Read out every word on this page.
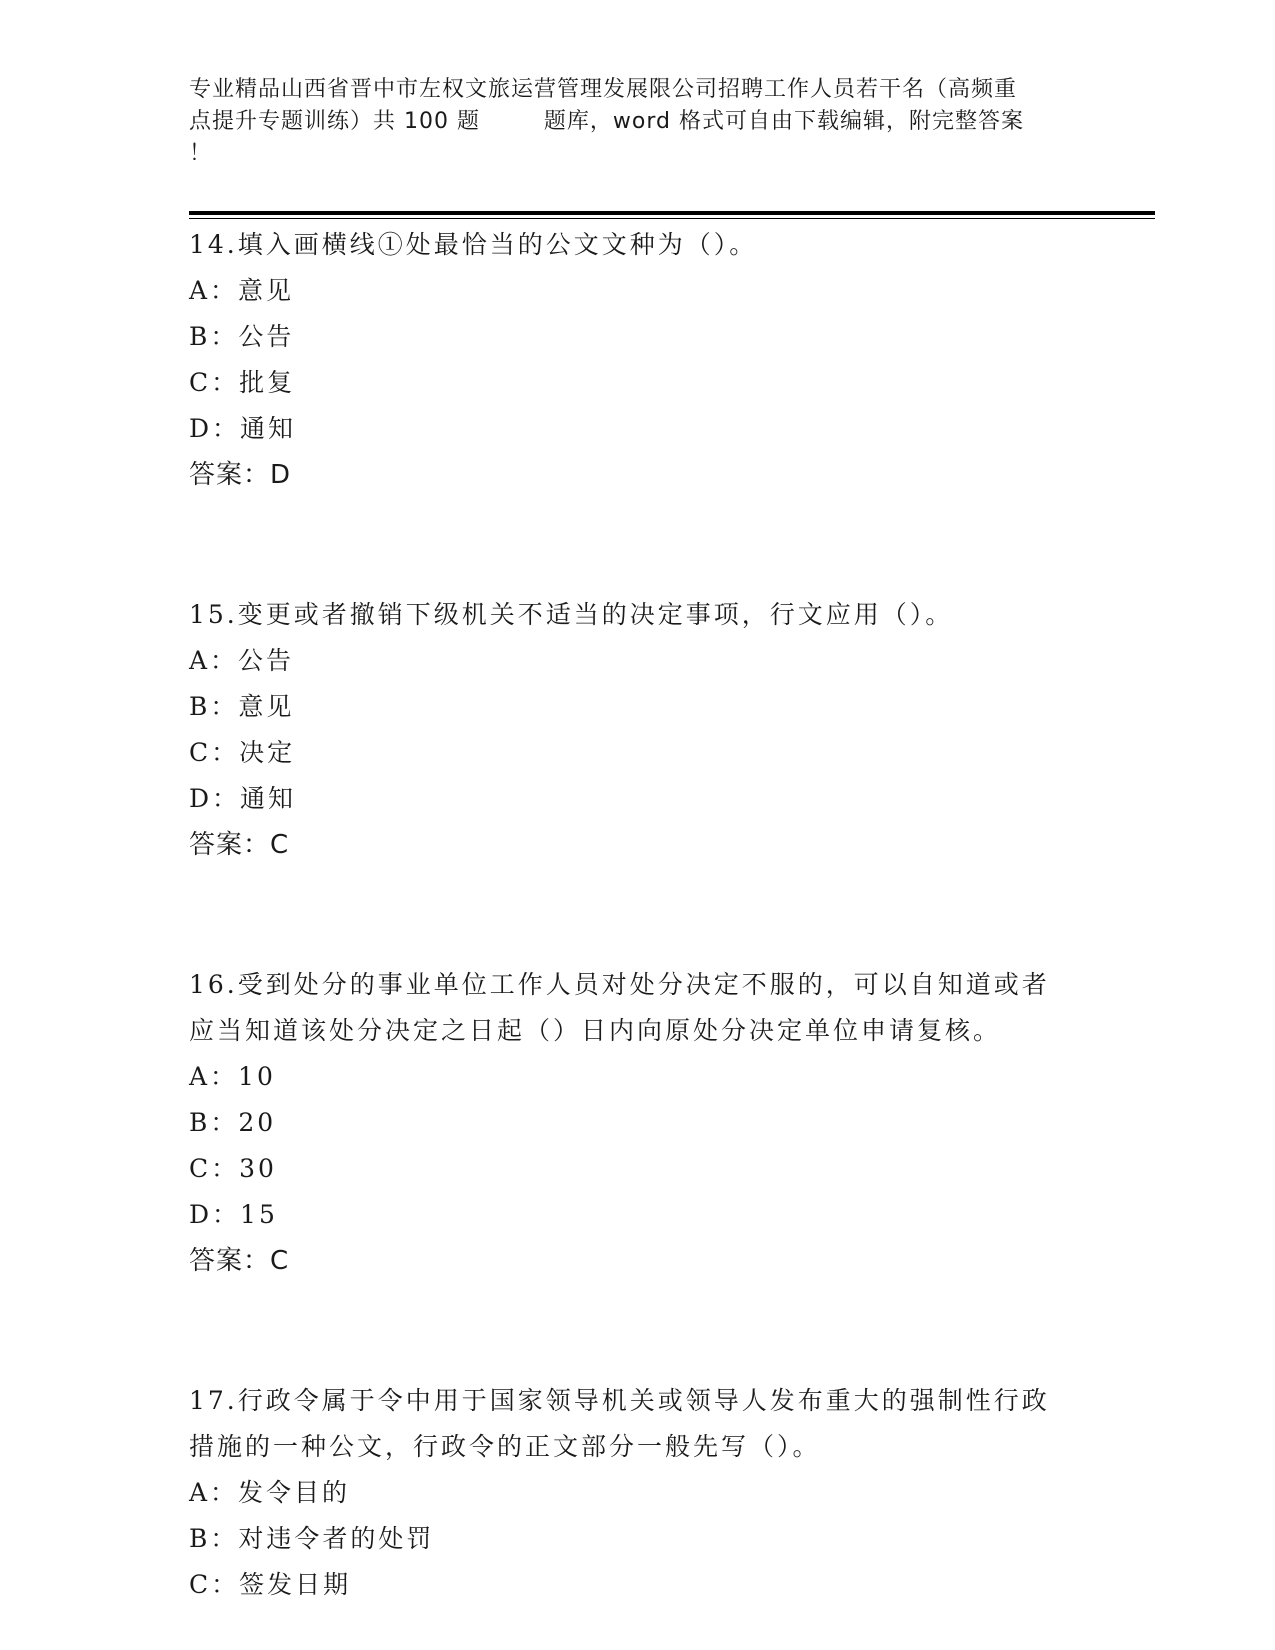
专业精品山西省晋中市左权文旅运营管理发展限公司招聘工作人员若干名（高频重
点提升专题训练）共 100 题        题库，word 格式可自由下载编辑，附完整答案
！
14.填入画横线①处最恰当的公文文种为（）。
A：意见
B：公告
C：批复
D：通知
答案：D
15.变更或者撤销下级机关不适当的决定事项，行文应用（）。
A：公告
B：意见
C：决定
D：通知
答案：C
16.受到处分的事业单位工作人员对处分决定不服的，可以自知道或者
应当知道该处分决定之日起（）日内向原处分决定单位申请复核。
A：10
B：20
C：30
D：15
答案：C
17.行政令属于令中用于国家领导机关或领导人发布重大的强制性行政
措施的一种公文，行政令的正文部分一般先写（）。
A：发令目的
B：对违令者的处罚
C：签发日期
